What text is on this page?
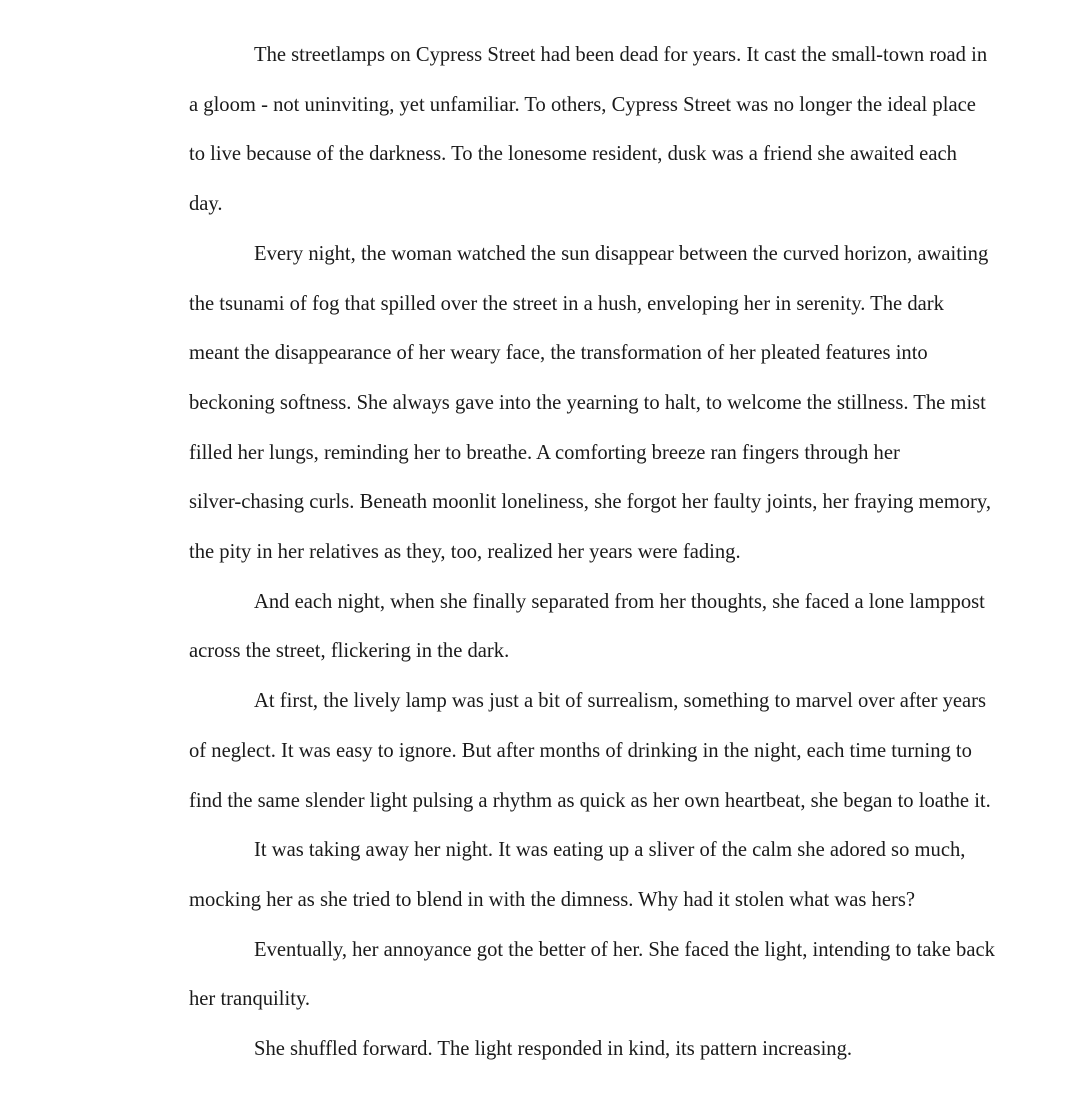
The streetlamps on Cypress Street had been dead for years. It cast the small-town road in
a gloom - not uninviting, yet unfamiliar. To others, Cypress Street was no longer the ideal place
to live because of the darkness. To the lonesome resident, dusk was a friend she awaited each
day.
Every night, the woman watched the sun disappear between the curved horizon, awaiting
the tsunami of fog that spilled over the street in a hush, enveloping her in serenity. The dark
meant the disappearance of her weary face, the transformation of her pleated features into
beckoning softness. She always gave into the yearning to halt, to welcome the stillness. The mist
filled her lungs, reminding her to breathe. A comforting breeze ran fingers through her
silver-chasing curls. Beneath moonlit loneliness, she forgot her faulty joints, her fraying memory,
the pity in her relatives as they, too, realized her years were fading.
And each night, when she finally separated from her thoughts, she faced a lone lamppost
across the street, flickering in the dark.
At first, the lively lamp was just a bit of surrealism, something to marvel over after years
of neglect. It was easy to ignore. But after months of drinking in the night, each time turning to
find the same slender light pulsing a rhythm as quick as her own heartbeat, she began to loathe it.
It was taking away her night. It was eating up a sliver of the calm she adored so much,
mocking her as she tried to blend in with the dimness. Why had it stolen what was hers?
Eventually, her annoyance got the better of her. She faced the light, intending to take back
her tranquility.
She shuffled forward. The light responded in kind, its pattern increasing.
